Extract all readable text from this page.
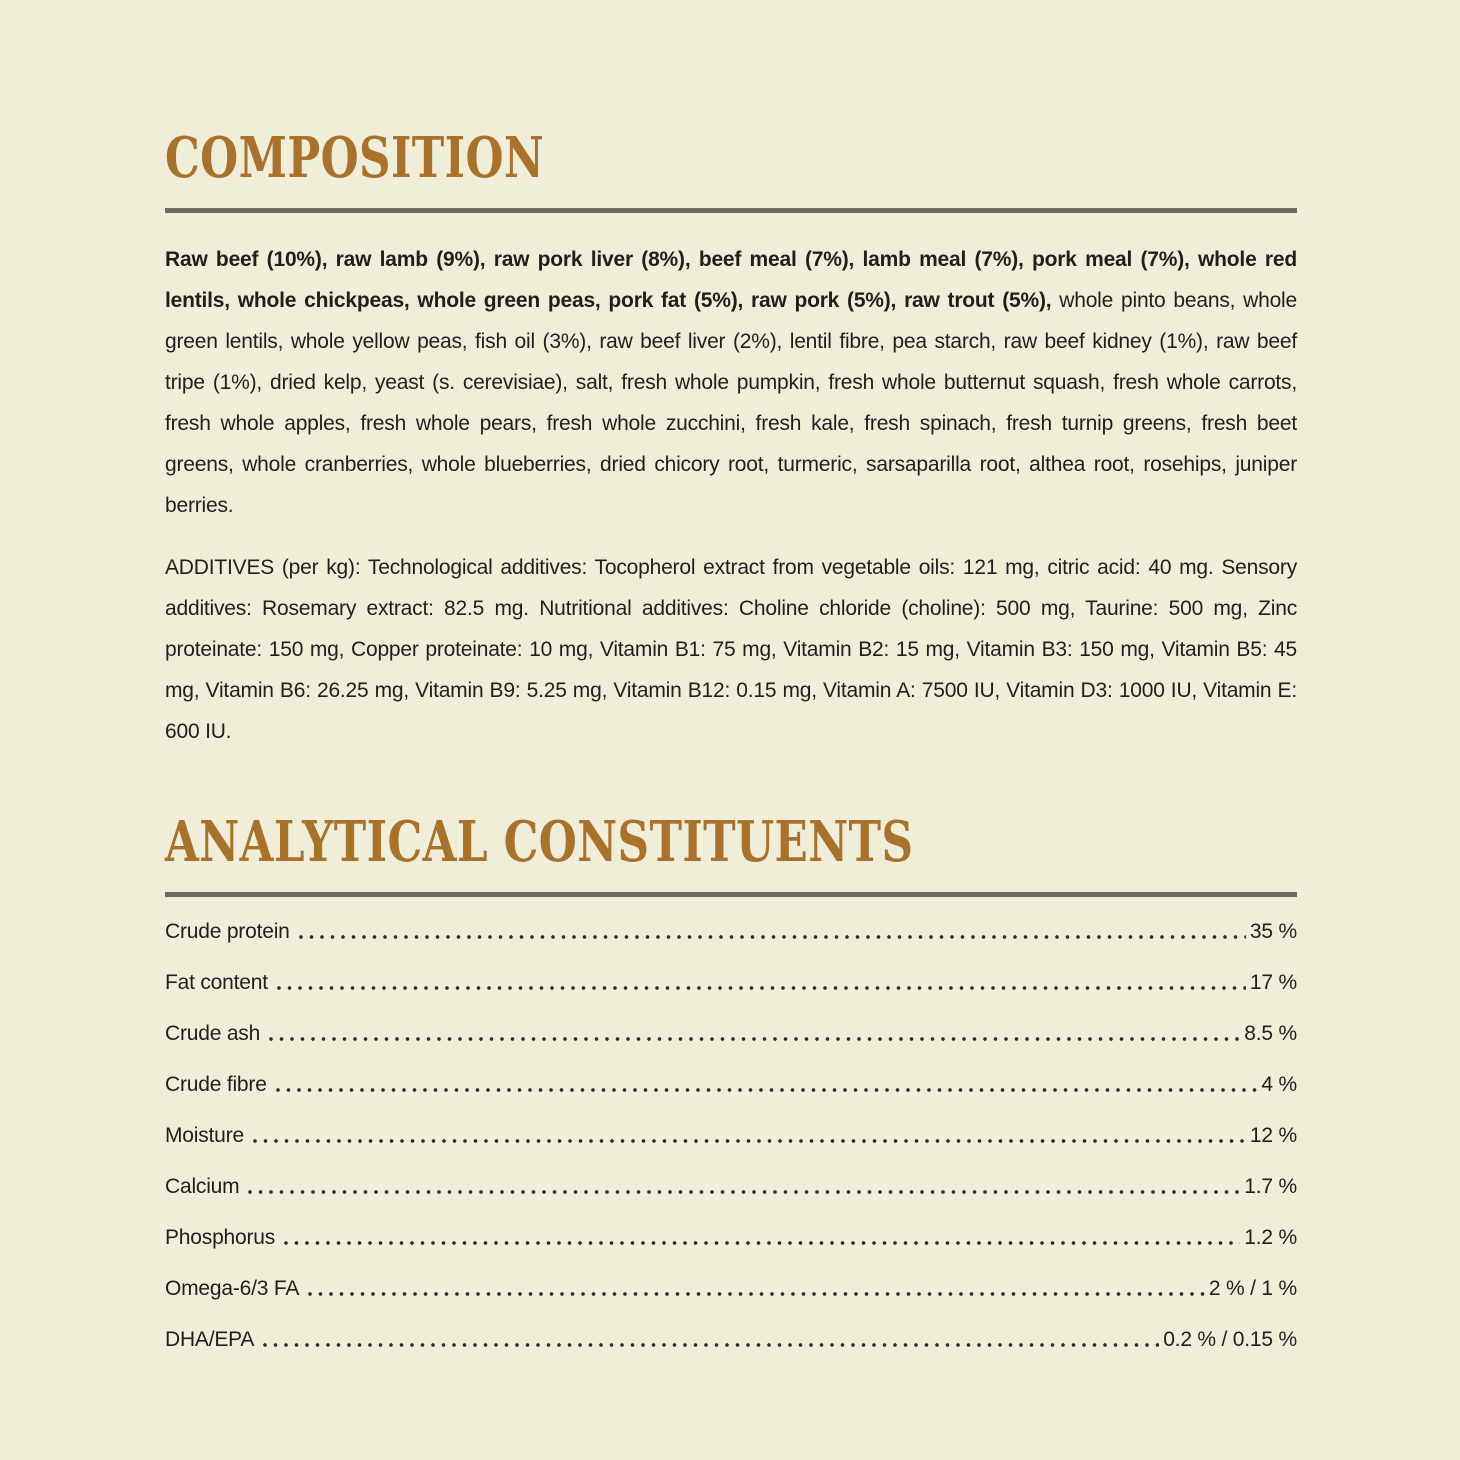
COMPOSITION

Raw beef (10%), raw lamb (9%), raw pork liver (8%), beef meal (7%), lamb meal (7%), pork meal (7%), whole red lentils, whole chickpeas, whole green peas, pork fat (5%), raw pork (5%), raw trout (5%), whole pinto beans, whole green lentils, whole yellow peas, fish oil (3%), raw beef liver (2%), lentil fibre, pea starch, raw beef kidney (1%), raw beef tripe (1%), dried kelp, yeast (s. cerevisiae), salt, fresh whole pumpkin, fresh whole butternut squash, fresh whole carrots, fresh whole apples, fresh whole pears, fresh whole zucchini, fresh kale, fresh spinach, fresh turnip greens, fresh beet greens, whole cranberries, whole blueberries, dried chicory root, turmeric, sarsaparilla root, althea root, rosehips, juniper berries.

ADDITIVES (per kg): Technological additives: Tocopherol extract from vegetable oils: 121 mg, citric acid: 40 mg. Sensory additives: Rosemary extract: 82.5 mg. Nutritional additives: Choline chloride (choline): 500 mg, Taurine: 500 mg, Zinc proteinate: 150 mg, Copper proteinate: 10 mg, Vitamin B1: 75 mg, Vitamin B2: 15 mg, Vitamin B3: 150 mg, Vitamin B5: 45 mg, Vitamin B6: 26.25 mg, Vitamin B9: 5.25 mg, Vitamin B12: 0.15 mg, Vitamin A: 7500 IU, Vitamin D3: 1000 IU, Vitamin E: 600 IU.

ANALYTICAL CONSTITUENTS
Crude protein	35 %
Fat content	17 %
Crude ash	8.5 %
Crude fibre	4 %
Moisture	12 %
Calcium	1.7 %
Phosphorus	1.2 %
Omega-6/3 FA	2 % / 1 %
DHA/EPA	0.2 % / 0.15 %
